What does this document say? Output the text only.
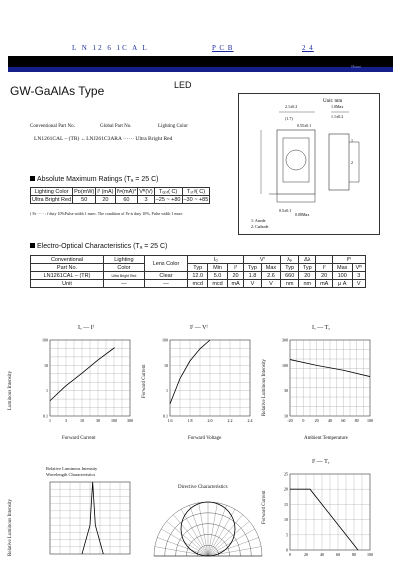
L N 12 6 1C A L	P C B	2 4
Home
GW-GaAlAs Type	LED
Unit: mm
2.1±0.2	1.0Max
1.1±0.2
(1.7)
0.55±0.1
2
1
1: Anode
2: Cathode
0.5±0.1
0.08Max
Conventional Part No.	Global Part No.	Lighting Color
LN1261CAL – (TR) ←LNJ261C3ARA ······ Ultra Bright Red
Absolute Maximum Ratings (Tₐ = 25 C)
Lighting Color	Pᴅ(mW)	Iᶠ (mA)	Iᶠᴘ(mA)*	Vᴿ(V)	Tₒₚᵣ( C)	Tₛₜᵍ( C)
Ultra Bright Red	50	20	60	3	–25 ~ +80	–30 ~ +85
( Iᶠᴘ ····· : f duty 10%Pulse width 1 msec. The condition of Iᶠᴘ is duty 10%, Pulse width 1 msec
Electro-Optical Characteristics (Tₐ = 25 C)
Conventional	Lighting	Lens Color	Iₒ			Vᶠ		λₚ	Δλ		Iᴿ	
Part No.	Color		Typ	Min	Iᶠ	Typ	Max	Typ	Typ	Iᶠ	Max	Vᴿ
LN1261CAL – (TR)	Ultra Bright Red	Clear	12.0	5.0	20	1.8	2.6	660	20	20	100	3
Unit	—	—	mcd	mcd	mA	V	V	nm	nm	mA	μ A	V
Iₒ — Iᶠ
1	3	10	30	100	300
0.1
1
10
100
Forward Current
Luminous Intensity
Iᶠ — Vᶠ
1.6	1.8	2.0	2.2	2.4
0.1
1
10
100
Forward Voltage
Forward Current
Iₒ — Tₐ
-20 0	20 40 60 80 100
10
30
100
300
Ambient Temperature
Relative Luminous Intensity
Relative Luminous Intensity
Wavelength Characteristics
Relative Luminous Intensity
Directive Characteristics
Iᶠ — Tₐ
0	20	40	60	80	100
0
5
10
15
20
25
Forward Current
